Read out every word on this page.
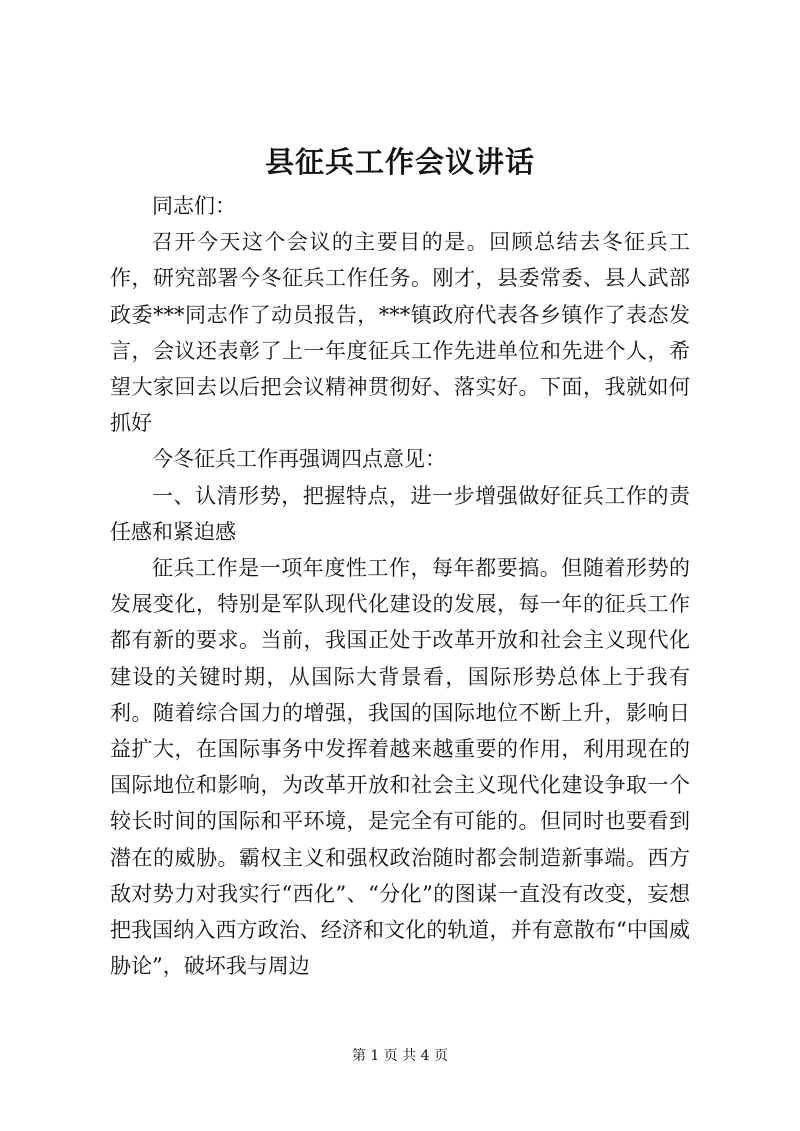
县征兵工作会议讲话

同志们：

召开今天这个会议的主要目的是。回顾总结去冬征兵工作，研究部署今冬征兵工作任务。刚才，县委常委、县人武部政委***同志作了动员报告，***镇政府代表各乡镇作了表态发言，会议还表彰了上一年度征兵工作先进单位和先进个人，希望大家回去以后把会议精神贯彻好、落实好。下面，我就如何抓好

今冬征兵工作再强调四点意见：

一、认清形势，把握特点，进一步增强做好征兵工作的责任感和紧迫感

征兵工作是一项年度性工作，每年都要搞。但随着形势的发展变化，特别是军队现代化建设的发展，每一年的征兵工作都有新的要求。当前，我国正处于改革开放和社会主义现代化建设的关键时期，从国际大背景看，国际形势总体上于我有利。随着综合国力的增强，我国的国际地位不断上升，影响日益扩大，在国际事务中发挥着越来越重要的作用，利用现在的国际地位和影响，为改革开放和社会主义现代化建设争取一个较长时间的国际和平环境，是完全有可能的。但同时也要看到潜在的威胁。霸权主义和强权政治随时都会制造新事端。西方敌对势力对我实行“西化”、“分化”的图谋一直没有改变，妄想把我国纳入西方政治、经济和文化的轨道，并有意散布“中国威胁论”，破坏我与周边

第 1 页 共 4 页
